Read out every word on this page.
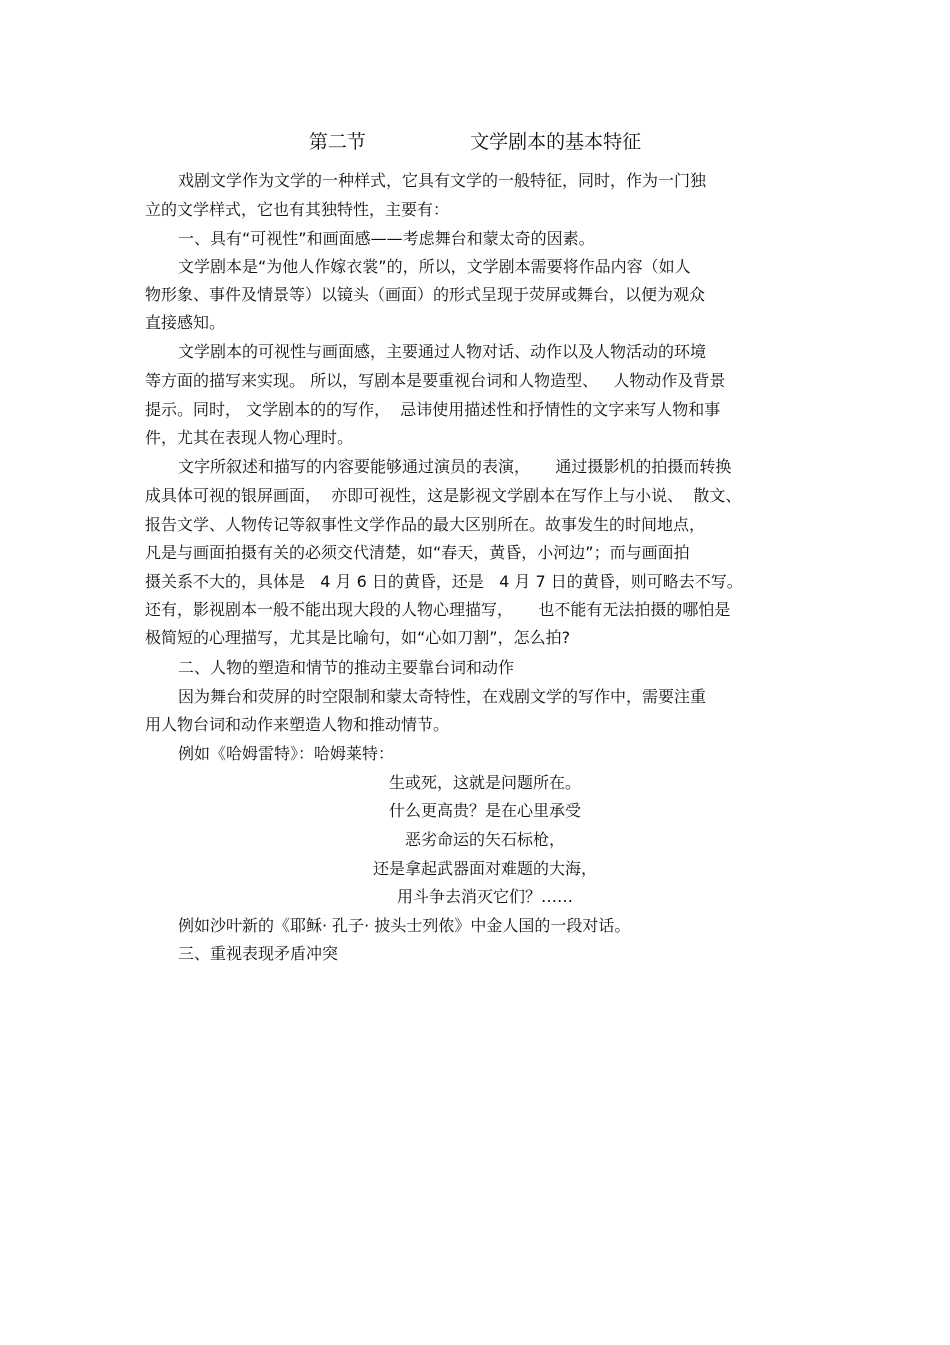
第二节    文学剧本的基本特征
戏剧文学作为文学的一种样式，它具有文学的一般特征，同时，作为一门独
立的文学样式，它也有其独特性，主要有：
一、具有“可视性”和画面感——考虑舞台和蒙太奇的因素。
文学剧本是“为他人作嫁衣裳”的，所以，文学剧本需要将作品内容（如人
物形象、事件及情景等）以镜头（画面）的形式呈现于荧屏或舞台，以便为观众
直接感知。
文学剧本的可视性与画面感，主要通过人物对话、动作以及人物活动的环境
等方面的描写来实现。 所以，写剧本是要重视台词和人物造型、   人物动作及背景
提示。同时， 文学剧本的的写作，  忌讳使用描述性和抒情性的文字来写人物和事
件，尤其在表现人物心理时。
文字所叙述和描写的内容要能够通过演员的表演，     通过摄影机的拍摄而转换
成具体可视的银屏画面，  亦即可视性，这是影视文学剧本在写作上与小说、  散文、
报告文学、人物传记等叙事性文学作品的最大区别所在。故事发生的时间地点，
凡是与画面拍摄有关的必须交代清楚，如“春天，黄昏，小河边”；而与画面拍
摄关系不大的，具体是   4 月 6 日的黄昏，还是   4 月 7 日的黄昏，则可略去不写。
还有，影视剧本一般不能出现大段的人物心理描写，     也不能有无法拍摄的哪怕是
极简短的心理描写，尤其是比喻句，如“心如刀割”，怎么拍?
二、人物的塑造和情节的推动主要靠台词和动作
因为舞台和荧屏的时空限制和蒙太奇特性，在戏剧文学的写作中，需要注重
用人物台词和动作来塑造人物和推动情节。
例如《哈姆雷特》：哈姆莱特：
生或死，这就是问题所在。
什么更高贵？是在心里承受
恶劣命运的矢石标枪，
还是拿起武器面对难题的大海，
用斗争去消灭它们？……
例如沙叶新的《耶稣· 孔子· 披头士列侬》中金人国的一段对话。
三、重视表现矛盾冲突
